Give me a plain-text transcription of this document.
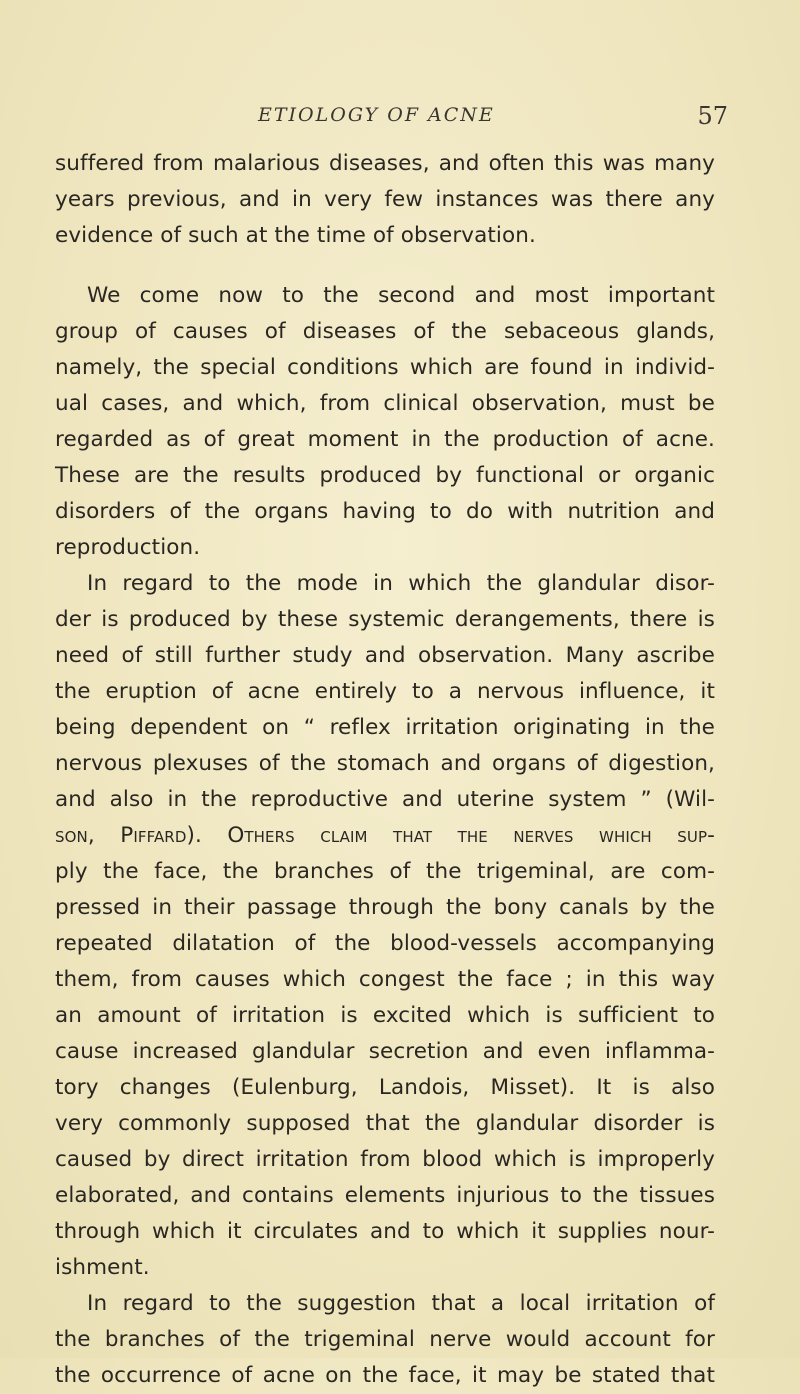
ETIOLOGY OF ACNE	57
suffered from malarious diseases, and often this was many
years previous, and in very few instances was there any
evidence of such at the time of observation.
We come now to the second and most important
group of causes of diseases of the sebaceous glands,
namely, the special conditions which are found in individ-
ual cases, and which, from clinical observation, must be
regarded as of great moment in the production of acne.
These are the results produced by functional or organic
disorders of the organs having to do with nutrition and
reproduction.
In regard to the mode in which the glandular disor-
der is produced by these systemic derangements, there is
need of still further study and observation. Many ascribe
the eruption of acne entirely to a nervous influence, it
being dependent on “ reflex irritation originating in the
nervous plexuses of the stomach and organs of digestion,
and also in the reproductive and uterine system ” (Wil-
son, Piffard). Others claim that the nerves which sup-
ply the face, the branches of the trigeminal, are com-
pressed in their passage through the bony canals by the
repeated dilatation of the blood-vessels accompanying
them, from causes which congest the face ; in this way
an amount of irritation is excited which is sufficient to
cause increased glandular secretion and even inflamma-
tory changes (Eulenburg, Landois, Misset). It is also
very commonly supposed that the glandular disorder is
caused by direct irritation from blood which is improperly
elaborated, and contains elements injurious to the tissues
through which it circulates and to which it supplies nour-
ishment.
In regard to the suggestion that a local irritation of
the branches of the trigeminal nerve would account for
the occurrence of acne on the face, it may be stated that
